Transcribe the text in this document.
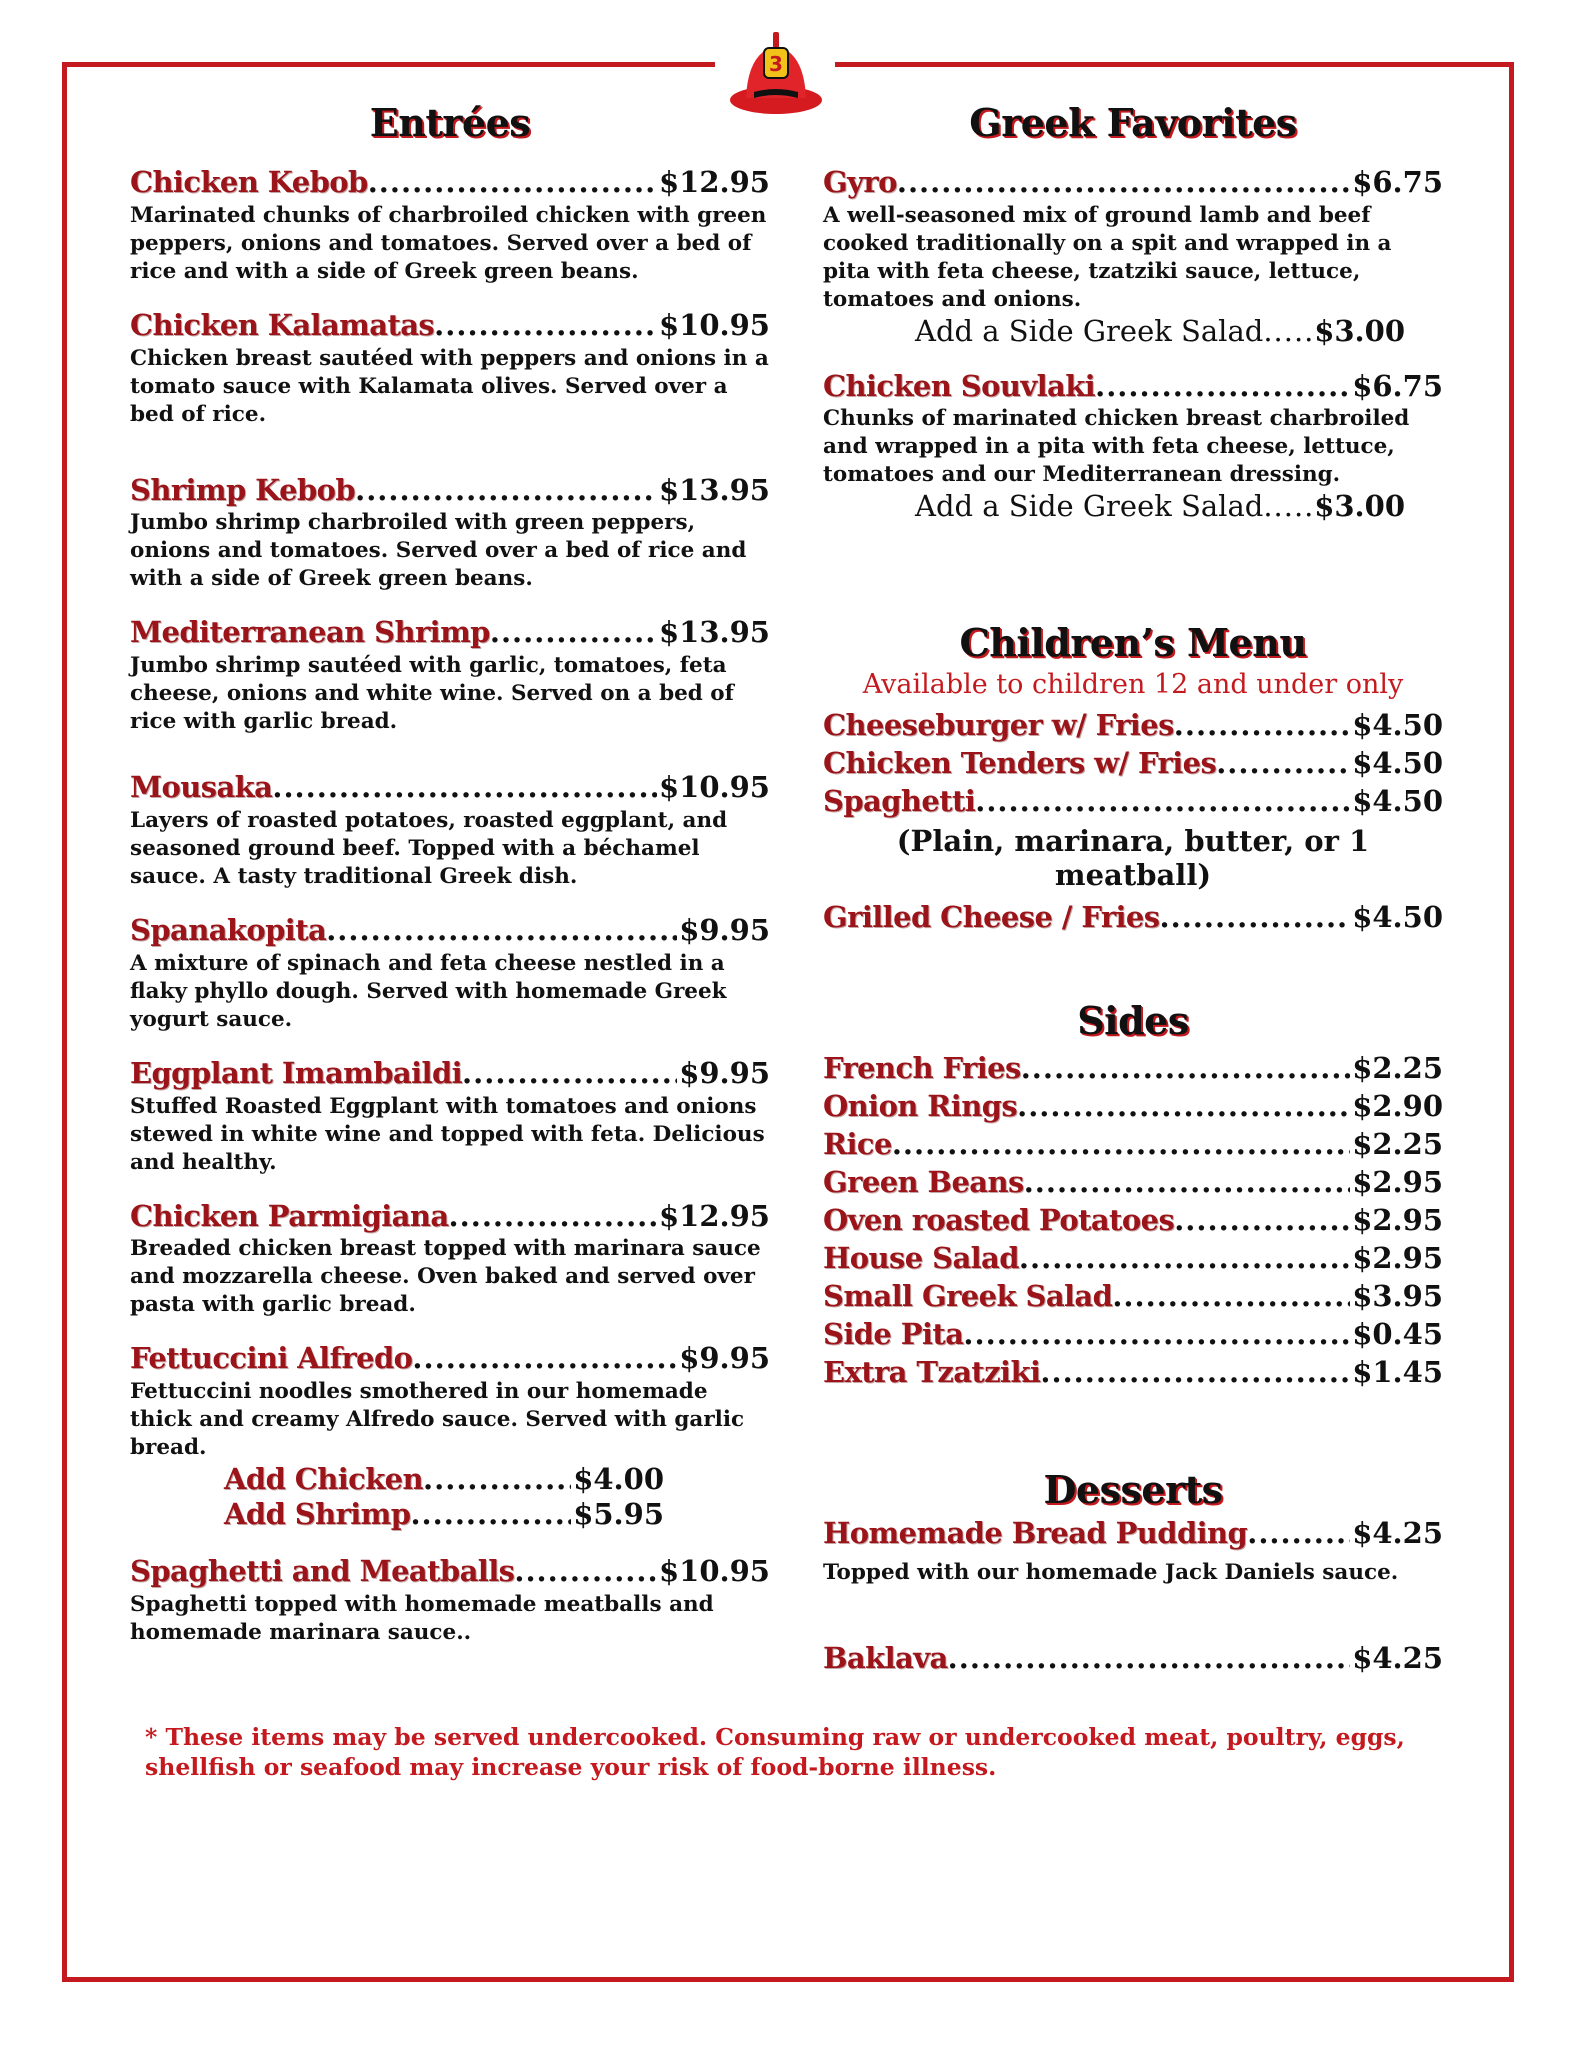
3
Entrées
Chicken Kebob .....	$12.95

Marinated chunks of charbroiled chicken with green peppers, onions and tomatoes. Served over a bed of rice and with a side of Greek green beans.

Chicken Kalamatas .....	$10.95

Chicken breast sautéed with peppers and onions in a tomato sauce with Kalamata olives. Served over a bed of rice.

Shrimp Kebob .....	$13.95

Jumbo shrimp charbroiled with green peppers, onions and tomatoes. Served over a bed of rice and with a side of Greek green beans.

Mediterranean Shrimp .....	$13.95

Jumbo shrimp sautéed with garlic, tomatoes, feta cheese, onions and white wine. Served on a bed of rice with garlic bread.

Mousaka .....	$10.95

Layers of roasted potatoes, roasted eggplant, and seasoned ground beef. Topped with a béchamel sauce. A tasty traditional Greek dish.

Spanakopita .....	$9.95

A mixture of spinach and feta cheese nestled in a flaky phyllo dough. Served with homemade Greek yogurt sauce.

Eggplant Imambaildi .....	$9.95

Stuffed Roasted Eggplant with tomatoes and onions stewed in white wine and topped with feta. Delicious and healthy.

Chicken Parmigiana .....	$12.95

Breaded chicken breast topped with marinara sauce and mozzarella cheese. Oven baked and served over pasta with garlic bread.

Fettuccini Alfredo .....	$9.95

Fettuccini noodles smothered in our homemade thick and creamy Alfredo sauce. Served with garlic bread.

Add Chicken .....	$4.00
Add Shrimp .....	$5.95
Spaghetti and Meatballs .....	$10.95

Spaghetti topped with homemade meatballs and homemade marinara sauce..

Greek Favorites
Gyro .....	$6.75

A well-seasoned mix of ground lamb and beef cooked traditionally on a spit and wrapped in a pita with feta cheese, tzatziki sauce, lettuce, tomatoes and onions.

Add a Side Greek Salad ..... $3.00
Chicken Souvlaki .....	$6.75

Chunks of marinated chicken breast charbroiled and wrapped in a pita with feta cheese, lettuce, tomatoes and our Mediterranean dressing.

Add a Side Greek Salad ..... $3.00
Children’s Menu

Available to children 12 and under only

Cheeseburger w/ Fries .....	$4.50
Chicken Tenders w/ Fries .....	$4.50
Spaghetti .....	$4.50

(Plain, marinara, butter, or 1 meatball)

Grilled Cheese / Fries .....	$4.50
Sides
French Fries .....	$2.25
Onion Rings .....	$2.90
Rice .....	$2.25
Green Beans .....	$2.95
Oven roasted Potatoes .....	$2.95
House Salad .....	$2.95
Small Greek Salad .....	$3.95
Side Pita .....	$0.45
Extra Tzatziki .....	$1.45
Desserts
Homemade Bread Pudding .....	$4.25

Topped with our homemade Jack Daniels sauce.

Baklava .....	$4.25

* These items may be served undercooked. Consuming raw or undercooked meat, poultry, eggs, shellfish or seafood may increase your risk of food-borne illness.
